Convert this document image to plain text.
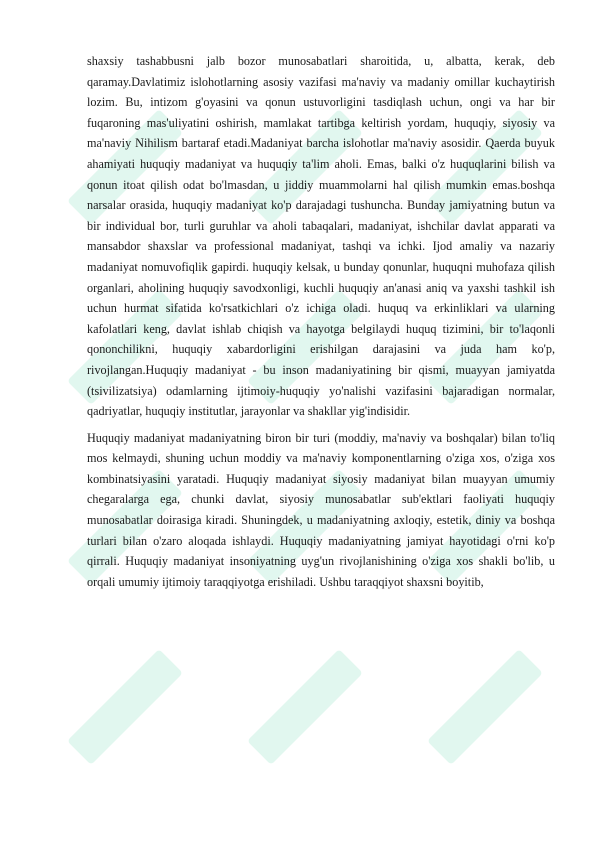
shaxsiy tashabbusni jalb bozor munosabatlari sharoitida, u, albatta, kerak, deb qaramay.Davlatimiz islohotlarning asosiy vazifasi ma'naviy va madaniy omillar kuchaytirish lozim. Bu, intizom g'oyasini va qonun ustuvorligini tasdiqlash uchun, ongi va har bir fuqaroning mas'uliyatini oshirish, mamlakat tartibga keltirish yordam, huquqiy, siyosiy va ma'naviy Nihilism bartaraf etadi.Madaniyat barcha islohotlar ma'naviy asosidir. Qaerda buyuk ahamiyati huquqiy madaniyat va huquqiy ta'lim aholi. Emas, balki o'z huquqlarini bilish va qonun itoat qilish odat bo'lmasdan, u jiddiy muammolarni hal qilish mumkin emas.boshqa narsalar orasida, huquqiy madaniyat ko'p darajadagi tushuncha. Bunday jamiyatning butun va bir individual bor, turli guruhlar va aholi tabaqalari, madaniyat, ishchilar davlat apparati va mansabdor shaxslar va professional madaniyat, tashqi va ichki. Ijod amaliy va nazariy madaniyat nomuvofiqlik gapirdi. huquqiy kelsak, u bunday qonunlar, huquqni muhofaza qilish organlari, aholining huquqiy savodxonligi, kuchli huquqiy an'anasi aniq va yaxshi tashkil ish uchun hurmat sifatida ko'rsatkichlari o'z ichiga oladi. huquq va erkinliklari va ularning kafolatlari keng, davlat ishlab chiqish va hayotga belgilaydi huquq tizimini, bir to'laqonli qononchilikni, huquqiy xabardorligini erishilgan darajasini va juda ham ko'p, rivojlangan.Huquqiy madaniyat - bu inson madaniyatining bir qismi, muayyan jamiyatda (tsivilizatsiya) odamlarning ijtimoiy-huquqiy yo'nalishi vazifasini bajaradigan normalar, qadriyatlar, huquqiy institutlar, jarayonlar va shakllar yig'indisidir.

Huquqiy madaniyat madaniyatning biron bir turi (moddiy, ma'naviy va boshqalar) bilan to'liq mos kelmaydi, shuning uchun moddiy va ma'naviy komponentlarning o'ziga xos, o'ziga xos kombinatsiyasini yaratadi. Huquqiy madaniyat siyosiy madaniyat bilan muayyan umumiy chegaralarga ega, chunki davlat, siyosiy munosabatlar sub'ektlari faoliyati huquqiy munosabatlar doirasiga kiradi. Shuningdek, u madaniyatning axloqiy, estetik, diniy va boshqa turlari bilan o'zaro aloqada ishlaydi. Huquqiy madaniyatning jamiyat hayotidagi o'rni ko'p qirrali. Huquqiy madaniyat insoniyatning uyg'un rivojlanishining o'ziga xos shakli bo'lib, u orqali umumiy ijtimoiy taraqqiyotga erishiladi. Ushbu taraqqiyot shaxsni boyitib,
